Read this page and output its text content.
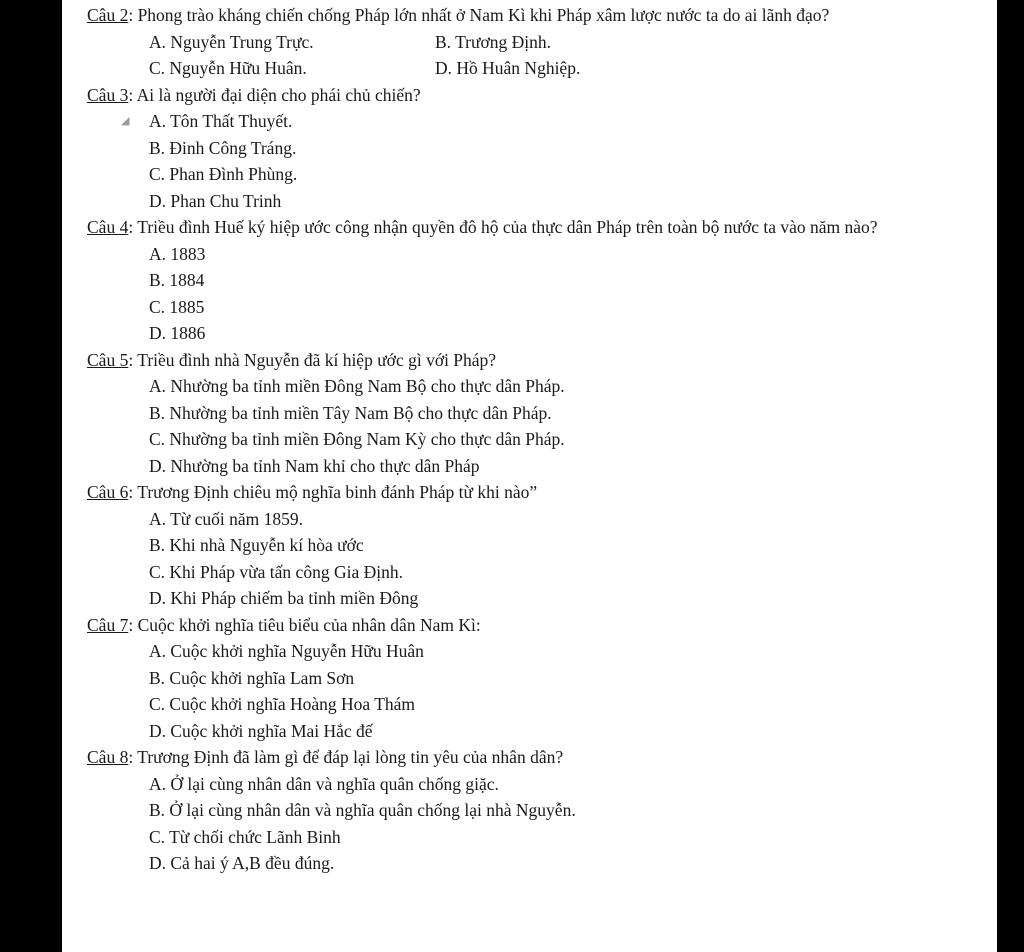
Câu 2: Phong trào kháng chiến chống Pháp lớn nhất ở Nam Kì khi Pháp xâm lược nước ta do ai lãnh đạo?

A. Nguyễn Trung Trực.	B. Trương Định.
C. Nguyễn Hữu Huân.	D. Hồ Huân Nghiệp.

Câu 3: Ai là người đại diện cho phái chủ chiến?

◢	A. Tôn Thất Thuyết.
B. Đinh Công Tráng.
C. Phan Đình Phùng.
D. Phan Chu Trinh

Câu 4: Triều đình Huế ký hiệp ước công nhận quyền đô hộ của thực dân Pháp trên toàn bộ nước ta vào năm nào?

A. 1883
B. 1884
C. 1885
D. 1886

Câu 5: Triều đình nhà Nguyễn đã kí hiệp ước gì với Pháp?

A. Nhường ba tỉnh miền Đông Nam Bộ cho thực dân Pháp.
B. Nhường ba tỉnh miền Tây Nam Bộ cho thực dân Pháp.
C. Nhường ba tỉnh miền Đông Nam Kỳ cho thực dân Pháp.
D. Nhường ba tỉnh Nam khỉ cho thực dân Pháp

Câu 6: Trương Định chiêu mộ nghĩa binh đánh Pháp từ khi nào”

A. Từ cuối năm 1859.
B. Khi nhà Nguyễn kí hòa ước
C. Khi Pháp vừa tấn công Gia Định.
D. Khi Pháp chiếm ba tỉnh miền Đông

Câu 7: Cuộc khởi nghĩa tiêu biểu của nhân dân Nam Kì:

A. Cuộc khởi nghĩa Nguyễn Hữu Huân
B. Cuộc khởi nghĩa Lam Sơn
C. Cuộc khởi nghĩa Hoàng Hoa Thám
D. Cuộc khởi nghĩa Mai Hắc đế

Câu 8: Trương Định đã làm gì để đáp lại lòng tin yêu của nhân dân?

A. Ở lại cùng nhân dân và nghĩa quân chống giặc.
B. Ở lại cùng nhân dân và nghĩa quân chống lại nhà Nguyễn.
C. Từ chối chức Lãnh Binh
D. Cả hai ý A,B đều đúng.
